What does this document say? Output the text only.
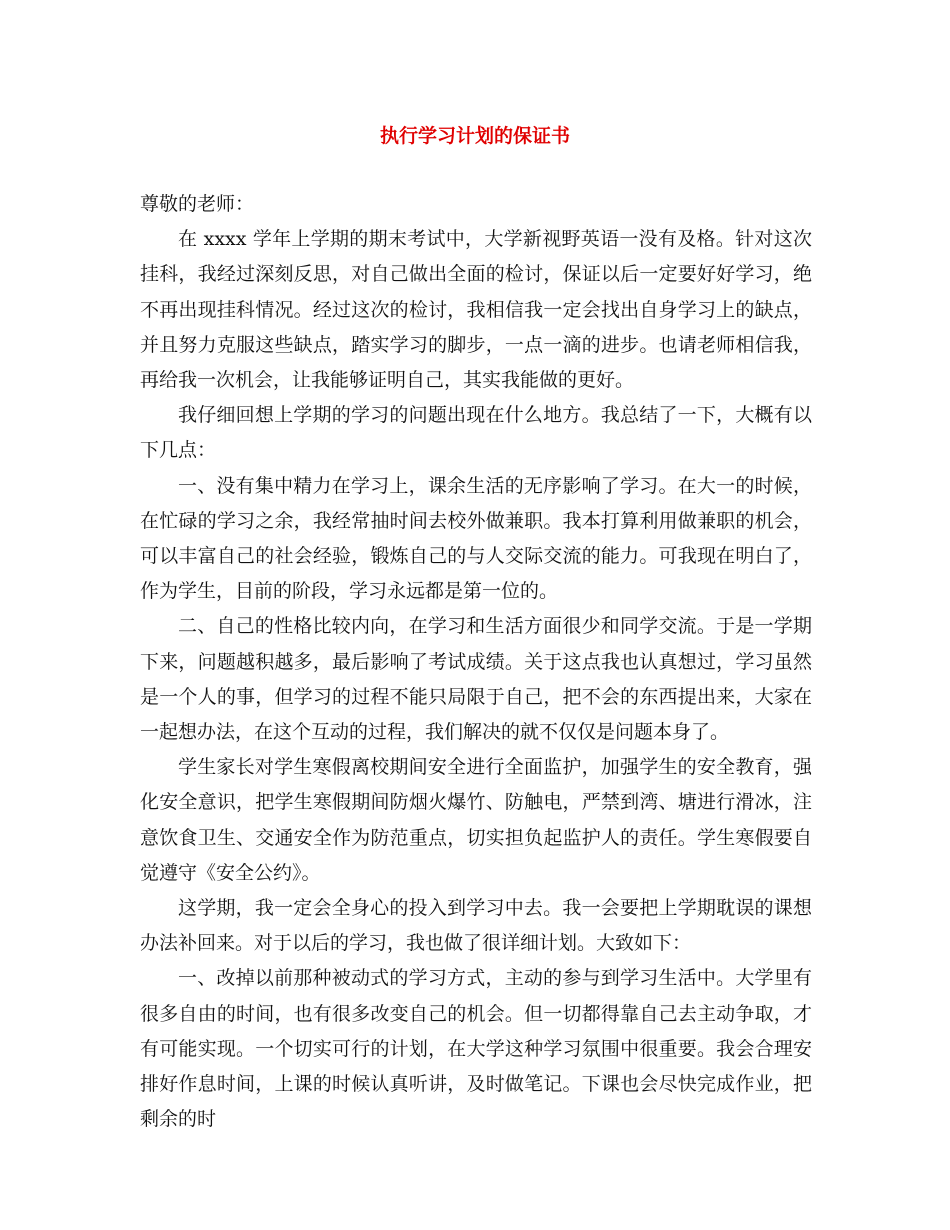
执行学习计划的保证书

尊敬的老师：

在 xxxx 学年上学期的期末考试中，大学新视野英语一没有及格。针对这次挂科，我经过深刻反思，对自己做出全面的检讨，保证以后一定要好好学习，绝不再出现挂科情况。经过这次的检讨，我相信我一定会找出自身学习上的缺点，并且努力克服这些缺点，踏实学习的脚步，一点一滴的进步。也请老师相信我，再给我一次机会，让我能够证明自己，其实我能做的更好。

我仔细回想上学期的学习的问题出现在什么地方。我总结了一下，大概有以下几点：

一、没有集中精力在学习上，课余生活的无序影响了学习。在大一的时候，在忙碌的学习之余，我经常抽时间去校外做兼职。我本打算利用做兼职的机会，可以丰富自己的社会经验，锻炼自己的与人交际交流的能力。可我现在明白了，作为学生，目前的阶段，学习永远都是第一位的。

二、自己的性格比较内向，在学习和生活方面很少和同学交流。于是一学期下来，问题越积越多，最后影响了考试成绩。关于这点我也认真想过，学习虽然是一个人的事，但学习的过程不能只局限于自己，把不会的东西提出来，大家在一起想办法，在这个互动的过程，我们解决的就不仅仅是问题本身了。

学生家长对学生寒假离校期间安全进行全面监护，加强学生的安全教育，强化安全意识，把学生寒假期间防烟火爆竹、防触电，严禁到湾、塘进行滑冰，注意饮食卫生、交通安全作为防范重点，切实担负起监护人的责任。学生寒假要自觉遵守《安全公约》。

这学期，我一定会全身心的投入到学习中去。我一会要把上学期耽误的课想办法补回来。对于以后的学习，我也做了很详细计划。大致如下：

一、改掉以前那种被动式的学习方式，主动的参与到学习生活中。大学里有很多自由的时间，也有很多改变自己的机会。但一切都得靠自己去主动争取，才有可能实现。一个切实可行的计划，在大学这种学习氛围中很重要。我会合理安排好作息时间，上课的时候认真听讲，及时做笔记。下课也会尽快完成作业，把剩余的时
